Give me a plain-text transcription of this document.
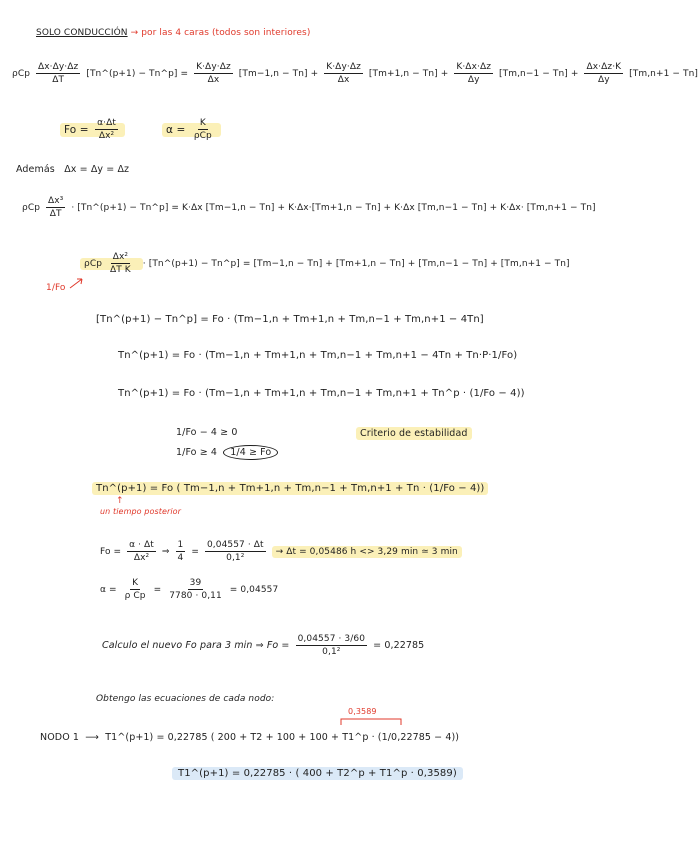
SOLO CONDUCCIÓN → por las 4 caras (todos son interiores)
ρCp $\frac{\Delta x\cdot\Delta y\cdot\Delta z}{\Delta T}$ [Tn^(p+1) − Tn^p] = $\frac{K\cdot\Delta y\cdot\Delta z}{\Delta x} [Tm-1,n - Tn] + \frac{K\cdot\Delta y\cdot\Delta z}{\Delta x} [Tm+1,n - Tn] + \frac{K\cdot\Delta x\cdot\Delta z}{\Delta y} [Tm,n-1 - Tn] + \frac{\Delta x\cdot\Delta z\cdot K}{\Delta y} [Tm,n+1 - Tn]$
$Fo = \frac{\alpha\cdot\Delta t}{\text{Δx²}}$	$\alpha = \frac{K}{\text{ρCp}}$
Además Δx = Δy = Δz
ρCp $\frac{\text{Δx³}}{\Delta T}$ · [Tn^(p+1) − Tn^p] = K·Δx [Tm−1,n − Tn] + K·Δx·[Tm+1,n − Tn] + K·Δx [Tm,n−1 − Tn] + K·Δx· [Tm,n+1 − Tn]
ρCp $\frac{\text{Δx²}}{\text{ΔT K}}$ · [Tn^(p+1) − Tn^p] = [Tm−1,n − Tn] + [Tm+1,n − Tn] + [Tm,n−1 − Tn] + [Tm,n+1 − Tn]
1/Fo
[Tn^(p+1) − Tn^p] = Fo · (Tm−1,n + Tm+1,n + Tm,n−1 + Tm,n+1 − 4Tn]
Tn^(p+1) = Fo · (Tm−1,n + Tm+1,n + Tm,n−1 + Tm,n+1 − 4Tn + Tn·P·1/Fo)
Tn^(p+1) = Fo · (Tm−1,n + Tm+1,n + Tm,n−1 + Tm,n+1 + Tn^p · (1/Fo − 4))
1/Fo − 4 ≥ 0
1/Fo ≥ 4 1/4 ≥ Fo
Criterio de estabilidad
Tn^(p+1) = Fo ( Tm−1,n + Tm+1,n + Tm,n−1 + Tm,n+1 + Tn · (1/Fo − 4))
↑
un tiempo posterior
$Fo = \frac{\alpha \cdot \Delta t}{\text{Δx²}}$ ⇒ $\frac{1}{4} = \frac{0,04557 \cdot \Delta t}{\text{0,1²}} \to \Delta t = 0,05486$ h <> 3,29 min ≃ 3 min
$\alpha = \frac{K}{\text{ρ Cp}} = \frac{39}{7780 \cdot 0,11} = 0,04557$
Calculo el nuevo Fo para 3 min ⇒ $Fo = \frac{0,04557 \cdot 3/60}{\text{0,1²}} = 0,22785$
Obtengo las ecuaciones de cada nodo:
0,3589
NODO 1 ⟶ T1^(p+1) = 0,22785 ( 200 + T2 + 100 + 100 + T1^p · (1/0,22785 − 4))
T1^(p+1) = 0,22785 · ( 400 + T2^p + T1^p · 0,3589)
